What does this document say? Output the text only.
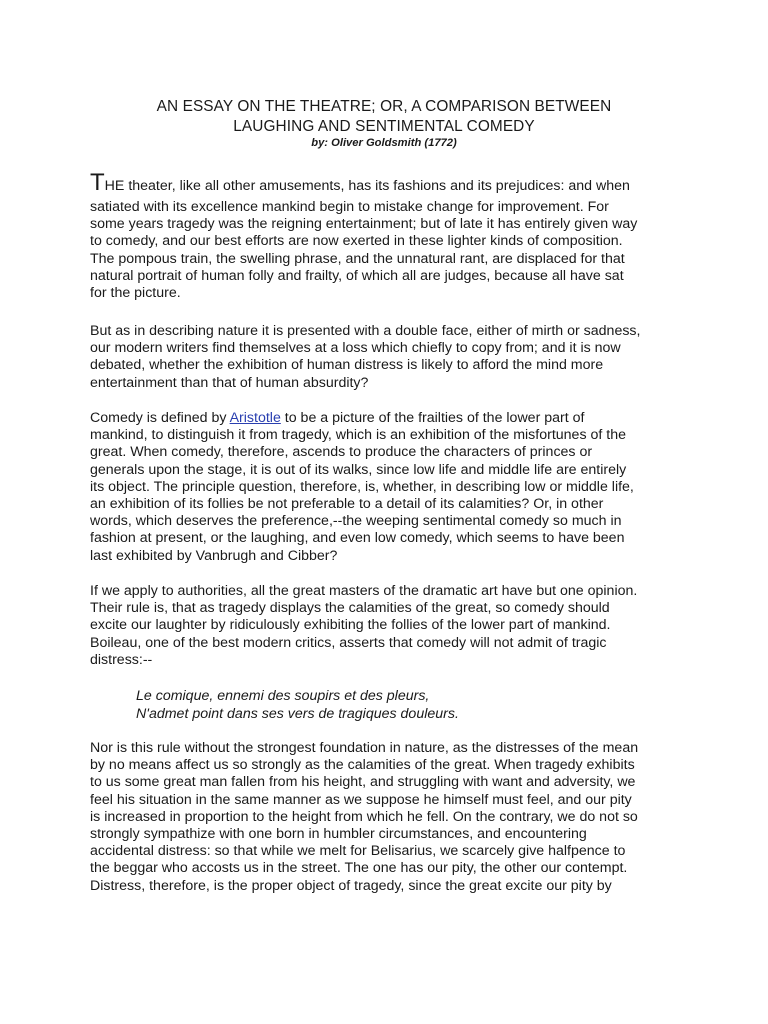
AN ESSAY ON THE THEATRE; OR, A COMPARISON BETWEEN
LAUGHING AND SENTIMENTAL COMEDY

by: Oliver Goldsmith (1772)

THE theater, like all other amusements, has its fashions and its prejudices: and when
satiated with its excellence mankind begin to mistake change for improvement. For
some years tragedy was the reigning entertainment; but of late it has entirely given way
to comedy, and our best efforts are now exerted in these lighter kinds of composition.
The pompous train, the swelling phrase, and the unnatural rant, are displaced for that
natural portrait of human folly and frailty, of which all are judges, because all have sat
for the picture.

But as in describing nature it is presented with a double face, either of mirth or sadness,
our modern writers find themselves at a loss which chiefly to copy from; and it is now
debated, whether the exhibition of human distress is likely to afford the mind more
entertainment than that of human absurdity?

Comedy is defined by Aristotle to be a picture of the frailties of the lower part of
mankind, to distinguish it from tragedy, which is an exhibition of the misfortunes of the
great. When comedy, therefore, ascends to produce the characters of princes or
generals upon the stage, it is out of its walks, since low life and middle life are entirely
its object. The principle question, therefore, is, whether, in describing low or middle life,
an exhibition of its follies be not preferable to a detail of its calamities? Or, in other
words, which deserves the preference,--the weeping sentimental comedy so much in
fashion at present, or the laughing, and even low comedy, which seems to have been
last exhibited by Vanbrugh and Cibber?

If we apply to authorities, all the great masters of the dramatic art have but one opinion.
Their rule is, that as tragedy displays the calamities of the great, so comedy should
excite our laughter by ridiculously exhibiting the follies of the lower part of mankind.
Boileau, one of the best modern critics, asserts that comedy will not admit of tragic
distress:--

Le comique, ennemi des soupirs et des pleurs,
N'admet point dans ses vers de tragiques douleurs.

Nor is this rule without the strongest foundation in nature, as the distresses of the mean
by no means affect us so strongly as the calamities of the great. When tragedy exhibits
to us some great man fallen from his height, and struggling with want and adversity, we
feel his situation in the same manner as we suppose he himself must feel, and our pity
is increased in proportion to the height from which he fell. On the contrary, we do not so
strongly sympathize with one born in humbler circumstances, and encountering
accidental distress: so that while we melt for Belisarius, we scarcely give halfpence to
the beggar who accosts us in the street. The one has our pity, the other our contempt.
Distress, therefore, is the proper object of tragedy, since the great excite our pity by
